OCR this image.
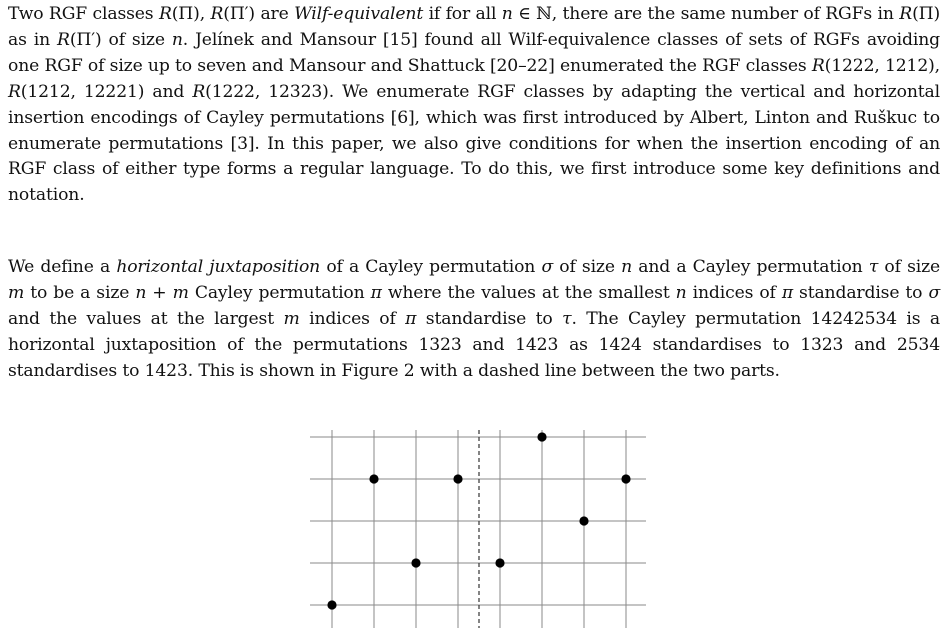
Two RGF classes R(Π), R(Π′) are Wilf-equivalent if for all n ∈ ℕ, there are the same number of RGFs in R(Π) as in R(Π′) of size n. Jelínek and Mansour [15] found all Wilf-equivalence classes of sets of RGFs avoiding one RGF of size up to seven and Mansour and Shattuck [20–22] enumerated the RGF classes R(1222, 1212), R(1212, 12221) and R(1222, 12323). We enumerate RGF classes by adapting the vertical and horizontal insertion encodings of Cayley permutations [6], which was first introduced by Albert, Linton and Ruškuc to enumerate permutations [3]. In this paper, we also give conditions for when the insertion encoding of an RGF class of either type forms a regular language. To do this, we first introduce some key definitions and notation.

We define a horizontal juxtaposition of a Cayley permutation σ of size n and a Cayley permutation τ of size m to be a size n + m Cayley permutation π where the values at the smallest n indices of π standardise to σ and the values at the largest m indices of π standardise to τ. The Cayley permutation 14242534 is a horizontal juxtaposition of the permutations 1323 and 1423 as 1424 standardises to 1323 and 2534 standardises to 1423. This is shown in Figure 2 with a dashed line between the two parts.
